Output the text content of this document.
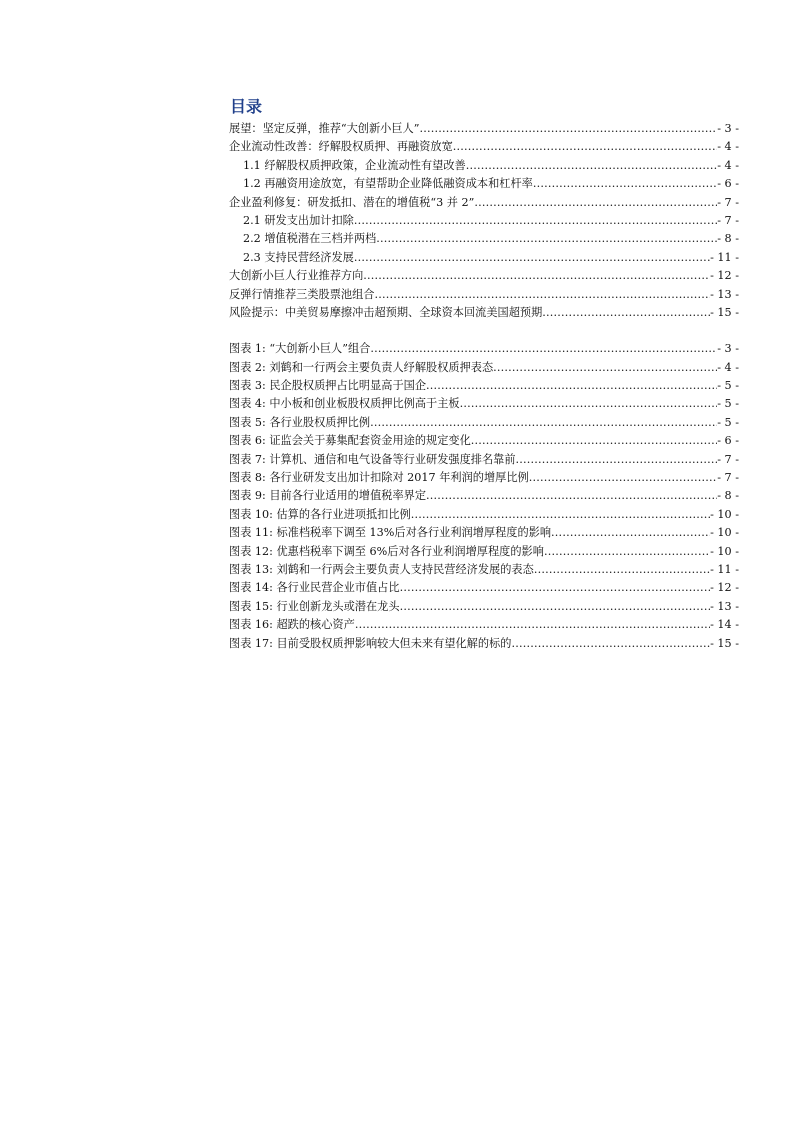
目录
展望：坚定反弹，推荐“大创新小巨人” .....	- 3 -
企业流动性改善：纾解股权质押、再融资放宽 .....	- 4 -
1.1 纾解股权质押政策，企业流动性有望改善 .....	- 4 -
1.2 再融资用途放宽，有望帮助企业降低融资成本和杠杆率 .....	- 6 -
企业盈利修复：研发抵扣、潜在的增值税“3 并 2” .....	- 7 -
2.1 研发支出加计扣除 .....	- 7 -
2.2 增值税潜在三档并两档 .....	- 8 -
2.3 支持民营经济发展 .....	- 11 -
大创新小巨人行业推荐方向 .....	- 12 -
反弹行情推荐三类股票池组合 .....	- 13 -
风险提示：中美贸易摩擦冲击超预期、全球资本回流美国超预期 .....	- 15 -
图表 1: “大创新小巨人”组合 .....	- 3 -
图表 2: 刘鹤和一行两会主要负责人纾解股权质押表态 .....	- 4 -
图表 3: 民企股权质押占比明显高于国企 .....	- 5 -
图表 4: 中小板和创业板股权质押比例高于主板 .....	- 5 -
图表 5: 各行业股权质押比例 .....	- 5 -
图表 6: 证监会关于募集配套资金用途的规定变化 .....	- 6 -
图表 7: 计算机、通信和电气设备等行业研发强度排名靠前 .....	- 7 -
图表 8: 各行业研发支出加计扣除对 2017 年利润的增厚比例 .....	- 7 -
图表 9: 目前各行业适用的增值税率界定 .....	- 8 -
图表 10: 估算的各行业进项抵扣比例 .....	- 10 -
图表 11: 标准档税率下调至 13%后对各行业利润增厚程度的影响 .....	- 10 -
图表 12: 优惠档税率下调至 6%后对各行业利润增厚程度的影响 .....	- 10 -
图表 13: 刘鹤和一行两会主要负责人支持民营经济发展的表态 .....	- 11 -
图表 14: 各行业民营企业市值占比 .....	- 12 -
图表 15: 行业创新龙头或潜在龙头 .....	- 13 -
图表 16: 超跌的核心资产 .....	- 14 -
图表 17: 目前受股权质押影响较大但未来有望化解的标的 .....	- 15 -
